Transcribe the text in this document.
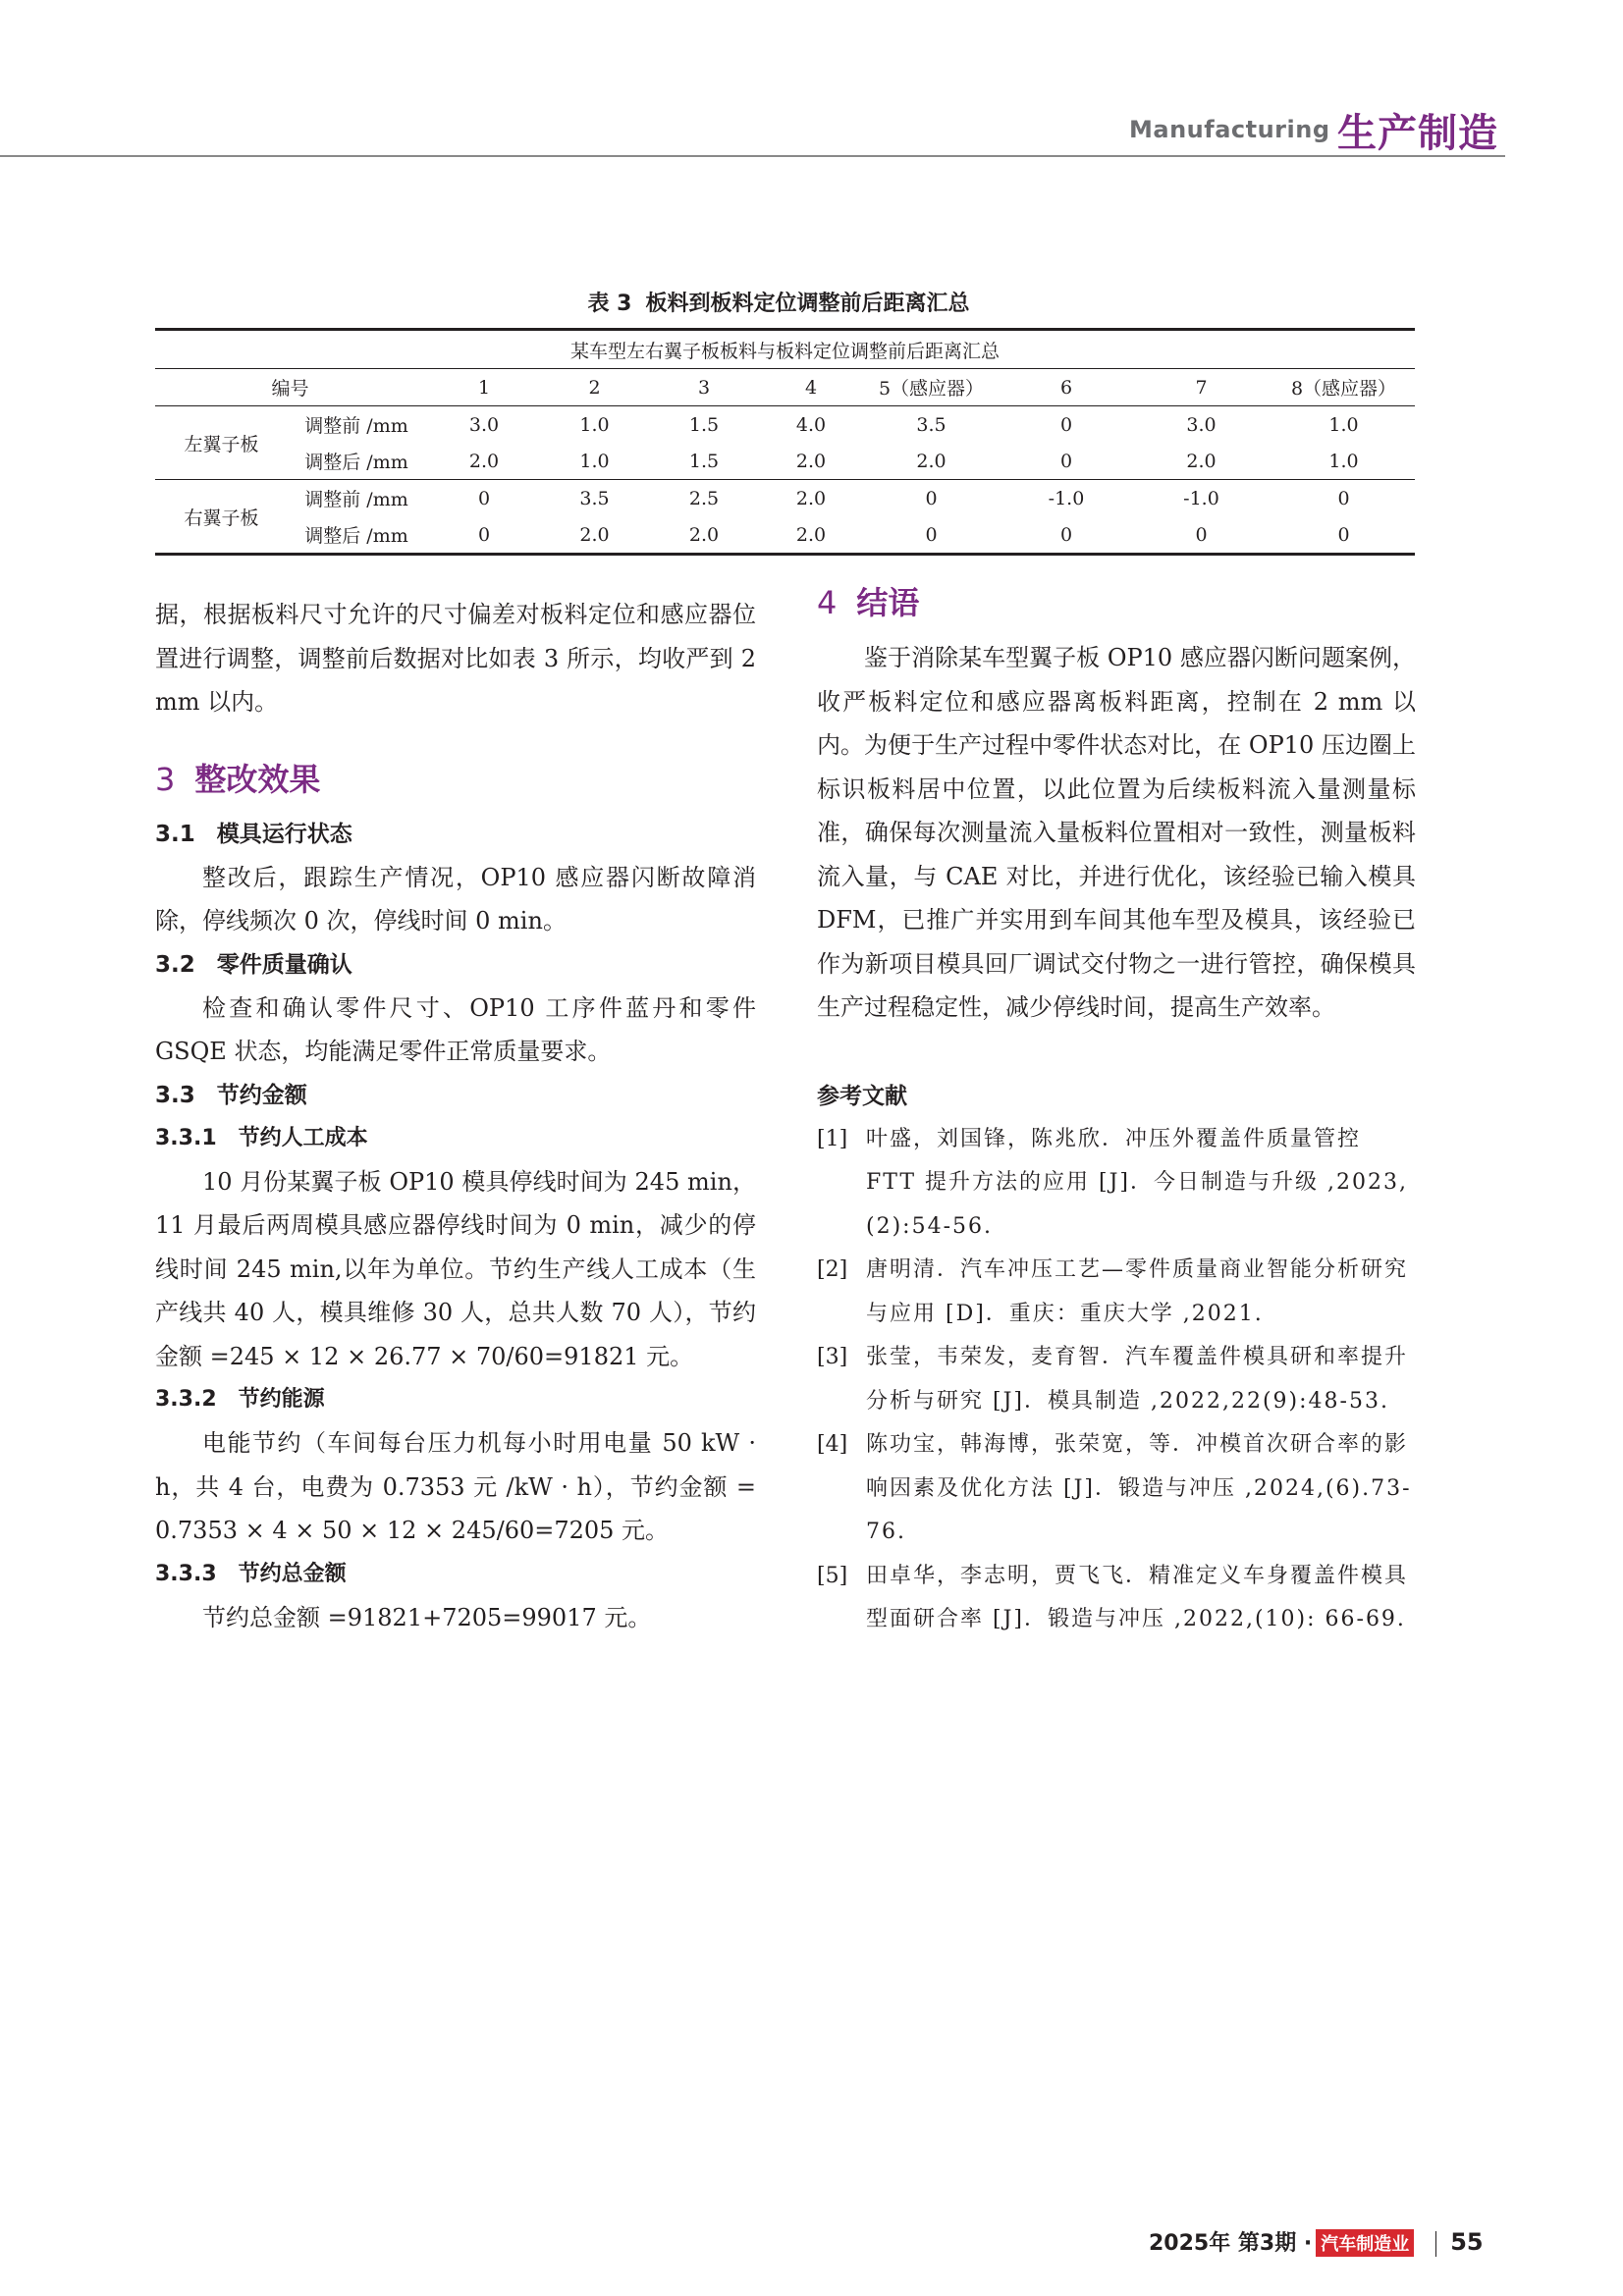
Manufacturing 生产制造
表 3 板料到板料定位调整前后距离汇总
某车型左右翼子板板料与板料定位调整前后距离汇总									
编号		1	2	3	4	5（感应器）	6	7	8（感应器）
左翼子板	调整前 /mm	3.0	1.0	1.5	4.0	3.5	0	3.0	1.0
	调整后 /mm	2.0	1.0	1.5	2.0	2.0	0	2.0	1.0
右翼子板	调整前 /mm	0	3.5	2.5	2.0	0	-1.0	-1.0	0
	调整后 /mm	0	2.0	2.0	2.0	0	0	0	0

据，根据板料尺寸允许的尺寸偏差对板料定位和感应器位置进行调整，调整前后数据对比如表 3 所示，均收严到 2 mm 以内。

3 整改效果
3.1 模具运行状态

整改后，跟踪生产情况，OP10 感应器闪断故障消除，停线频次 0 次，停线时间 0 min。

3.2 零件质量确认

检查和确认零件尺寸、OP10 工序件蓝丹和零件 GSQE 状态，均能满足零件正常质量要求。

3.3 节约金额
3.3.1 节约人工成本

10 月份某翼子板 OP10 模具停线时间为 245 min，11 月最后两周模具感应器停线时间为 0 min，减少的停线时间 245 min,以年为单位。节约生产线人工成本（生产线共 40 人，模具维修 30 人，总共人数 70 人），节约金额 =245 × 12 × 26.77 × 70/60=91821 元。

3.3.2 节约能源

电能节约（车间每台压力机每小时用电量 50 kW · h，共 4 台，电费为 0.7353 元 /kW · h），节约金额 = 0.7353 × 4 × 50 × 12 × 245/60=7205 元。

3.3.3 节约总金额

节约总金额 =91821+7205=99017 元。

4 结语

鉴于消除某车型翼子板 OP10 感应器闪断问题案例，收严板料定位和感应器离板料距离，控制在 2 mm 以内。为便于生产过程中零件状态对比，在 OP10 压边圈上标识板料居中位置，以此位置为后续板料流入量测量标准，确保每次测量流入量板料位置相对一致性，测量板料流入量，与 CAE 对比，并进行优化，该经验已输入模具 DFM，已推广并实用到车间其他车型及模具，该经验已作为新项目模具回厂调试交付物之一进行管控，确保模具生产过程稳定性，减少停线时间，提高生产效率。

参考文献

[1] 叶盛，刘国锋，陈兆欣．冲压外覆盖件质量管控 FTT 提升方法的应用 [J]．今日制造与升级 ,2023,(2):54-56.

[2] 唐明清．汽车冲压工艺—零件质量商业智能分析研究与应用 [D]．重庆：重庆大学 ,2021.

[3] 张莹，韦荣发，麦育智．汽车覆盖件模具研和率提升分析与研究 [J]．模具制造 ,2022,22(9):48-53.

[4] 陈功宝，韩海博，张荣宽，等．冲模首次研合率的影响因素及优化方法 [J]．锻造与冲压 ,2024,(6).73-76.

[5] 田卓华，李志明，贾飞飞．精准定义车身覆盖件模具型面研合率 [J]．锻造与冲压 ,2022,(10): 66-69.

2025年 第3期 · 汽车制造业 55
